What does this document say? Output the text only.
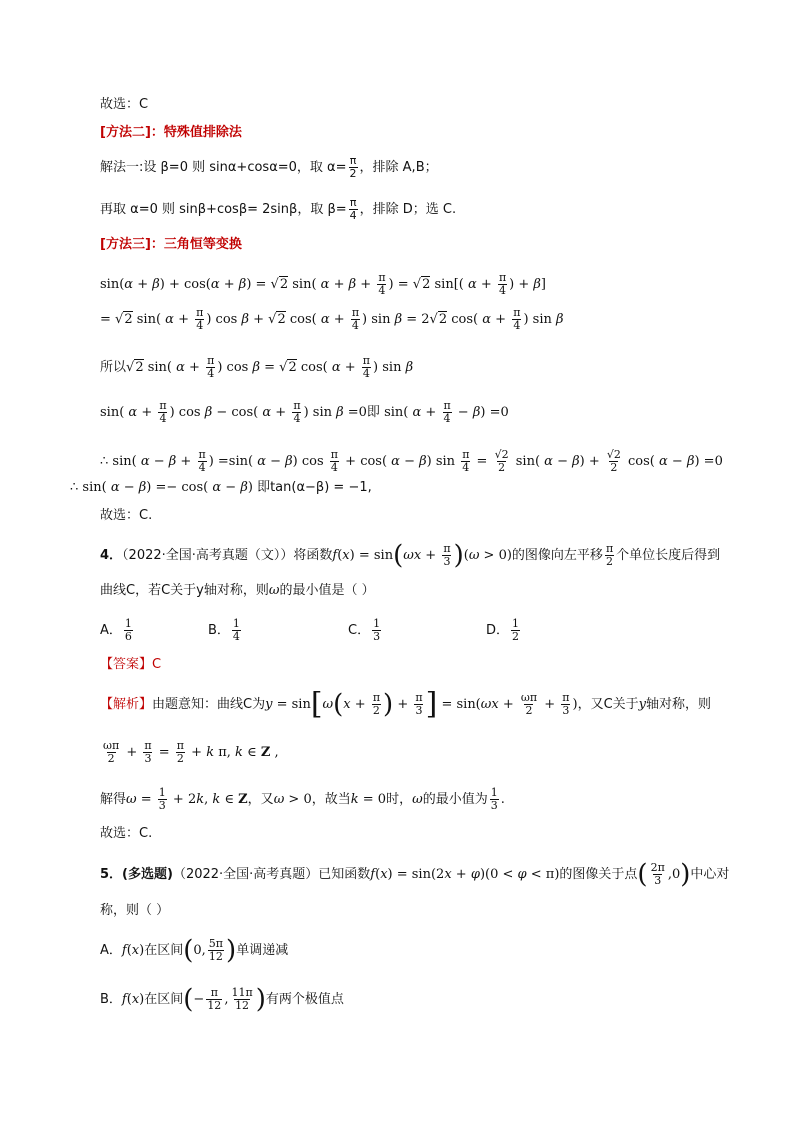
故选：C
[方法二]：特殊值排除法
解法一:设 β=0 则 sinα+cosα=0，取 $\alpha= \frac{\pi}{2}$ ，排除 A,B；
再取 α=0 则 sinβ+cosβ= 2sinβ，取 $\beta= \frac{\pi}{4}$ ，排除 D；选 C.
[方法三]：三角恒等变换
sin(α + β) + cos(α + β) = √2 sin( $\alpha + \beta + \frac{\pi}{4}$ ) = √2 sin[( $\alpha + \frac{\pi}{4}$ ) + β]
= √2 sin( $\alpha + \frac{\pi}{4}$ ) cos β + √2 cos( $\alpha + \frac{\pi}{4}$ ) sin β = 2√2 cos( $\alpha + \frac{\pi}{4}$ ) sin β
所以√2 sin( $\alpha + \frac{\pi}{4}$ ) cos β = √2 cos( $\alpha + \frac{\pi}{4}$ ) sin β
sin( $\alpha + \frac{\pi}{4}$ ) cos β − cos( $\alpha + \frac{\pi}{4}$ ) sin β =0即 sin( $\alpha + \frac{\pi}{4} - \beta) =0$
∴ sin( $\alpha - \beta + \frac{\pi}{4}$ ) =sin( α − β) $\cos \frac{\pi}{4} + \cos$( α − β) $\sin \frac{\pi}{4} = \frac{√2}{2} \sin$( $\alpha - \beta) + \frac{√2}{2} \cos$( α − β) =0
∴ sin( α − β) =− cos( α − β) 即tan(α−β) = −1,
故选：C.
4．（2022·全国·高考真题（文））将函数$f(x) = \sin(\omega x + \frac{\pi}{3} )(\omega > 0)$的图像向左平移 $\frac{\pi}{2}$ 个单位长度后得到
曲线C，若C关于y轴对称，则ω的最小值是（ ）
A． $\frac{1}{6}$	B． $\frac{1}{4}$	C． $\frac{1}{3}$	D． $\frac{1}{2}$
【答案】C
【解析】由题意知：曲线C为$y = \sin[\omega(x + \frac{\pi}{2}$ ) + $\frac{\pi}{3}$ ] = $\sin(\omega x + \frac{\omega\pi}{2} + \frac{\pi}{3}$ )，又C关于y轴对称，则
$\frac{\omega\pi}{2} + \frac{\pi}{3} = \frac{\pi}{2} + k$ π, k ∈ Z ,
解得$\omega = \frac{1}{3} + 2k$, k ∈ Z，又ω > 0，故当k = 0时，ω的最小值为 $\frac{1}{3}$ .
故选：C.
5．(多选题)（2022·全国·高考真题）已知函数f(x) = sin(2x + φ)(0 < φ < π)的图像关于点( $\frac{2\pi}{3} ,0$)中心对
称，则（ ）
A．f(x)在区间(0, $\frac{5\pi}{12}$ )单调递减
B．f(x)在区间(− $\frac{\pi}{12}$ , $\frac{11\pi}{12}$ )有两个极值点
